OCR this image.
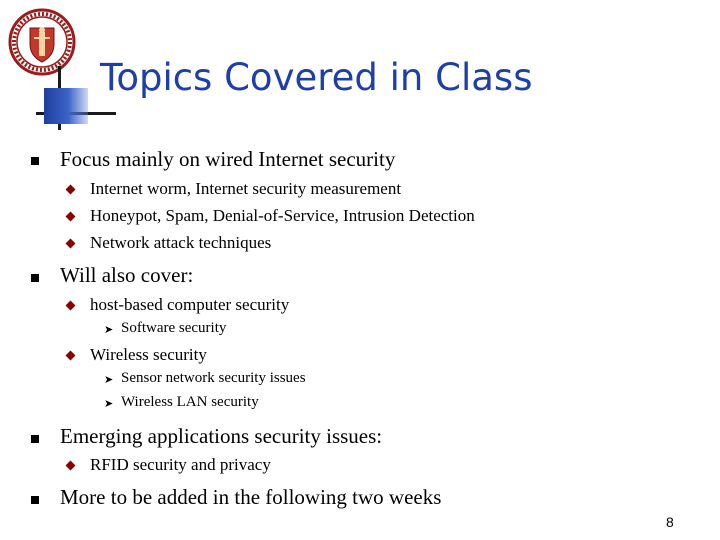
Topics Covered in Class
Focus mainly on wired Internet security
Internet worm, Internet security measurement
Honeypot, Spam, Denial-of-Service, Intrusion Detection
Network attack techniques
Will also cover:
host-based computer security
➤ Software security
Wireless security
➤ Sensor network security issues
➤ Wireless LAN security
Emerging applications security issues:
RFID security and privacy
More to be added in the following two weeks
8
